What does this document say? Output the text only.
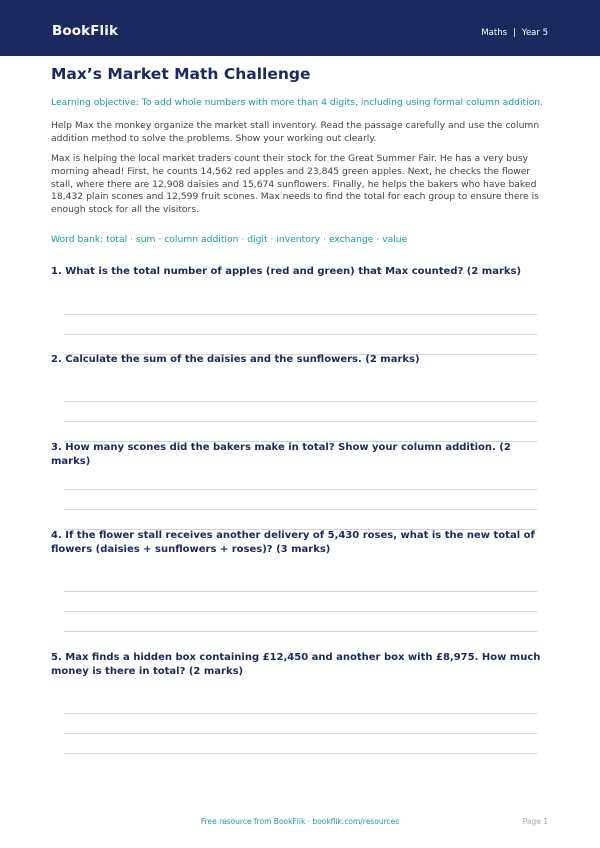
BookFlik	Maths | Year 5
Max’s Market Math Challenge
Learning objective: To add whole numbers with more than 4 digits, including using formal column addition.

Help Max the monkey organize the market stall inventory. Read the passage carefully and use the column addition method to solve the problems. Show your working out clearly.

Max is helping the local market traders count their stock for the Great Summer Fair. He has a very busy morning ahead! First, he counts 14,562 red apples and 23,845 green apples. Next, he checks the flower stall, where there are 12,908 daisies and 15,674 sunflowers. Finally, he helps the bakers who have baked 18,432 plain scones and 12,599 fruit scones. Max needs to find the total for each group to ensure there is enough stock for all the visitors.

Word bank: total · sum · column addition · digit · inventory · exchange · value

1. What is the total number of apples (red and green) that Max counted? (2 marks)

2. Calculate the sum of the daisies and the sunflowers. (2 marks)

3. How many scones did the bakers make in total? Show your column addition. (2 marks)

4. If the flower stall receives another delivery of 5,430 roses, what is the new total of flowers (daisies + sunflowers + roses)? (3 marks)

5. Max finds a hidden box containing £12,450 and another box with £8,975. How much money is there in total? (2 marks)

Free resource from BookFlik · bookflik.com/resources	Page 1
